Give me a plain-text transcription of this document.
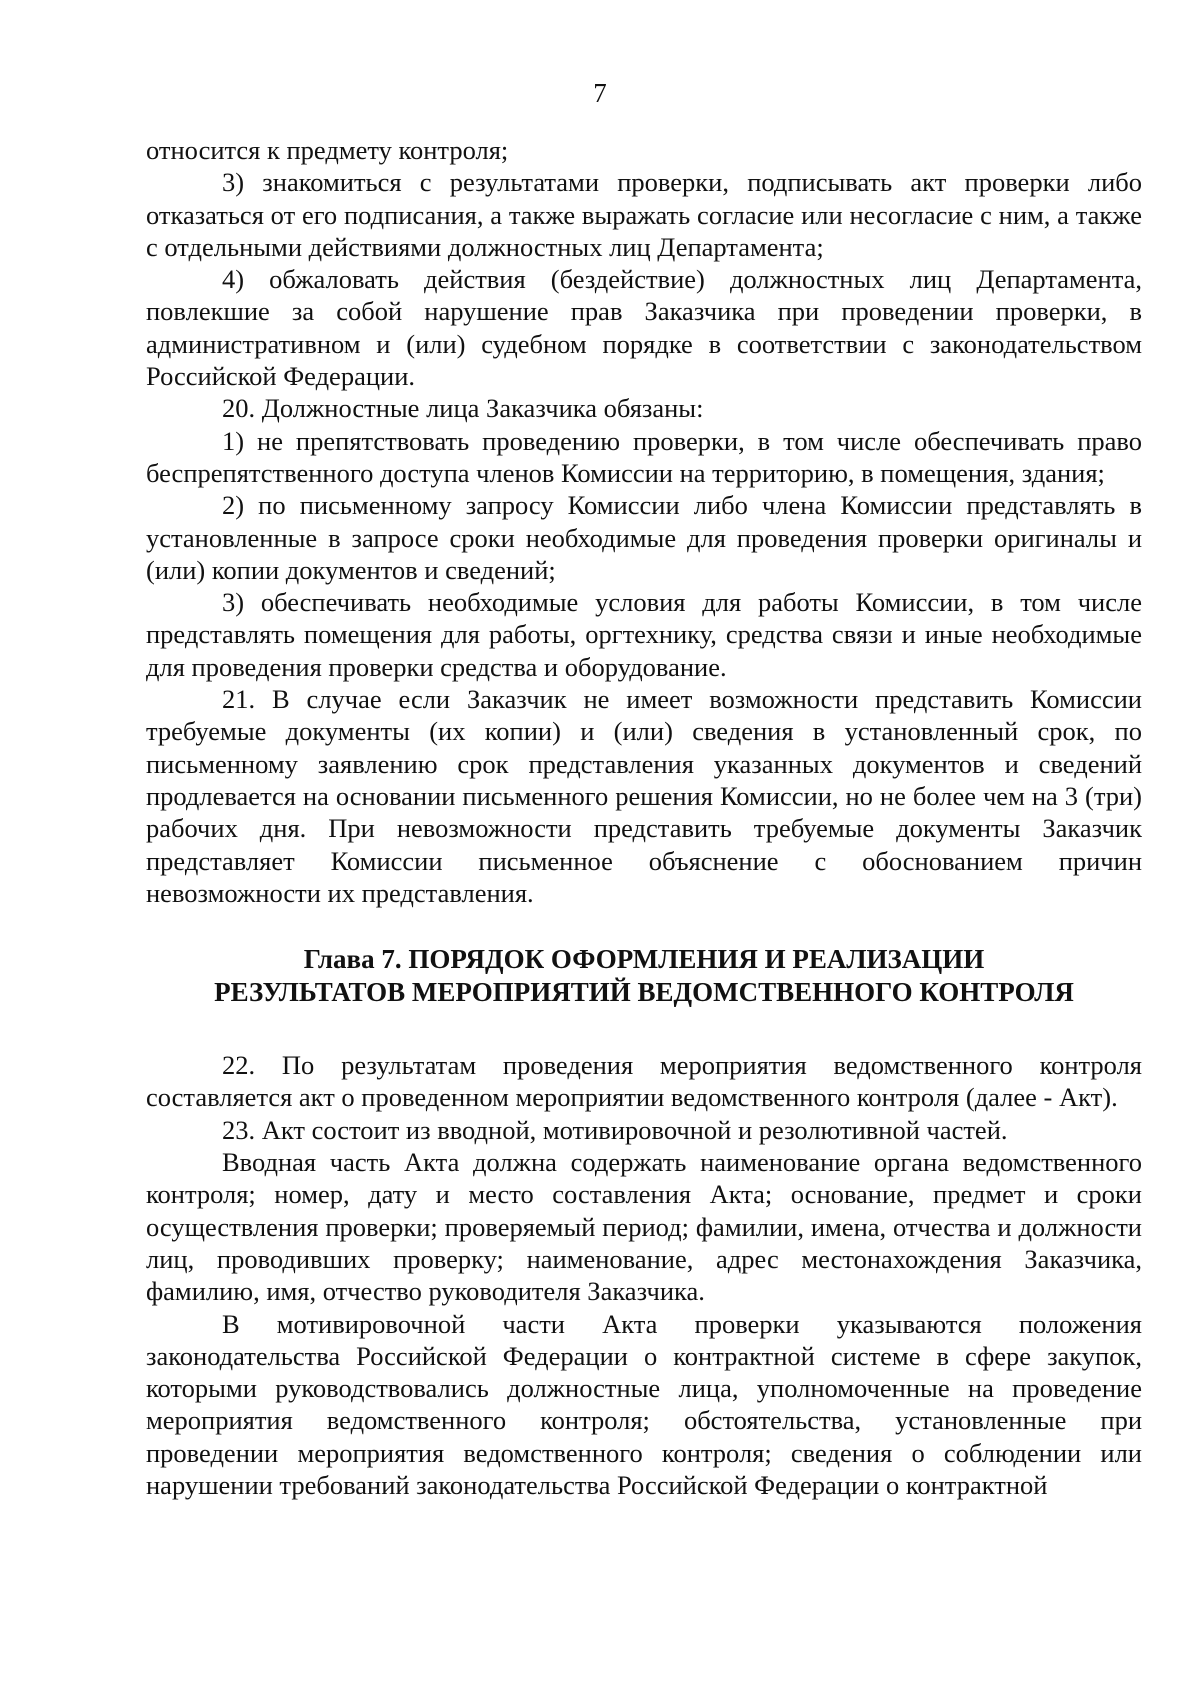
7

относится к предмету контроля;

3) знакомиться с результатами проверки, подписывать акт проверки либо отказаться от его подписания, а также выражать согласие или несогласие с ним, а также с отдельными действиями должностных лиц Департамента;

4) обжаловать действия (бездействие) должностных лиц Департамента, повлекшие за собой нарушение прав Заказчика при проведении проверки, в административном и (или) судебном порядке в соответствии с законодательством Российской Федерации.

20. Должностные лица Заказчика обязаны:

1) не препятствовать проведению проверки, в том числе обеспечивать право беспрепятственного доступа членов Комиссии на территорию, в помещения, здания;

2) по письменному запросу Комиссии либо члена Комиссии представлять в установленные в запросе сроки необходимые для проведения проверки оригиналы и (или) копии документов и сведений;

3) обеспечивать необходимые условия для работы Комиссии, в том числе представлять помещения для работы, оргтехнику, средства связи и иные необходимые для проведения проверки средства и оборудование.

21. В случае если Заказчик не имеет возможности представить Комиссии требуемые документы (их копии) и (или) сведения в установленный срок, по письменному заявлению срок представления указанных документов и сведений продлевается на основании письменного решения Комиссии, но не более чем на 3 (три) рабочих дня. При невозможности представить требуемые документы Заказчик представляет Комиссии письменное объяснение с обоснованием причин невозможности их представления.

Глава 7. ПОРЯДОК ОФОРМЛЕНИЯ И РЕАЛИЗАЦИИ
РЕЗУЛЬТАТОВ МЕРОПРИЯТИЙ ВЕДОМСТВЕННОГО КОНТРОЛЯ

22. По результатам проведения мероприятия ведомственного контроля составляется акт о проведенном мероприятии ведомственного контроля (далее - Акт).

23. Акт состоит из вводной, мотивировочной и резолютивной частей.

Вводная часть Акта должна содержать наименование органа ведомственного контроля; номер, дату и место составления Акта; основание, предмет и сроки осуществления проверки; проверяемый период; фамилии, имена, отчества и должности лиц, проводивших проверку; наименование, адрес местонахождения Заказчика, фамилию, имя, отчество руководителя Заказчика.

В мотивировочной части Акта проверки указываются положения законодательства Российской Федерации о контрактной системе в сфере закупок, которыми руководствовались должностные лица, уполномоченные на проведение мероприятия ведомственного контроля; обстоятельства, установленные при проведении мероприятия ведомственного контроля; сведения о соблюдении или нарушении требований законодательства Российской Федерации о контрактной
